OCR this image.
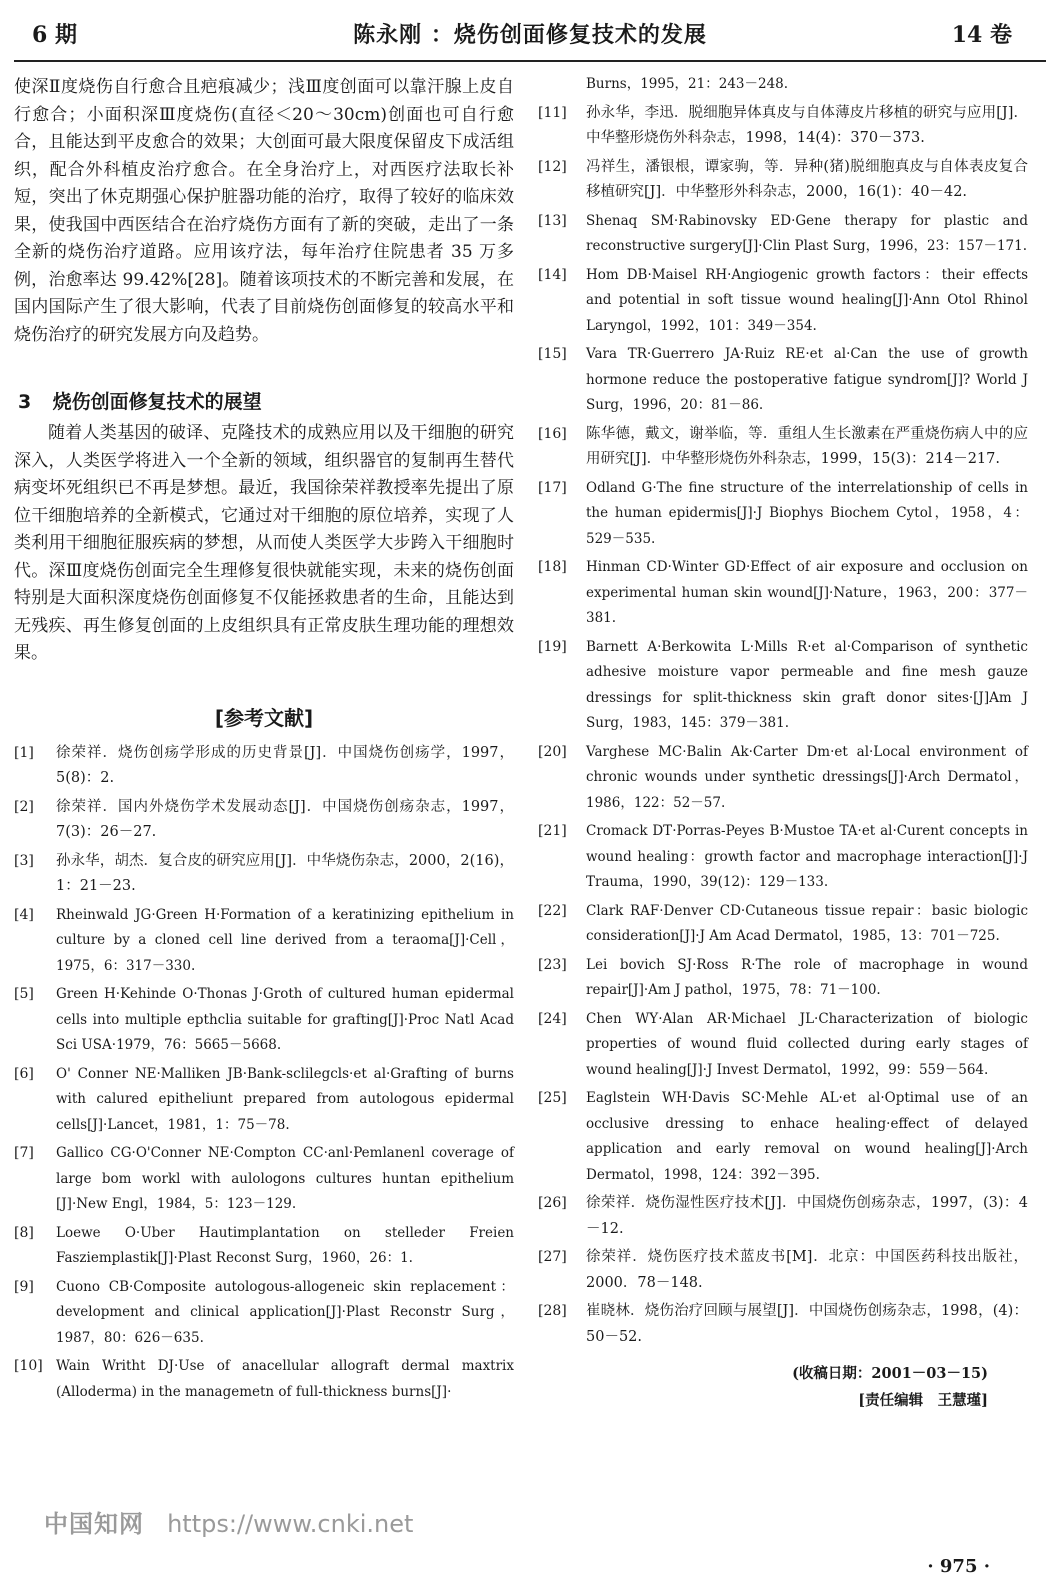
6 期	陈永刚 ：烧伤创面修复技术的发展	14 卷

使深Ⅱ度烧伤自行愈合且疤痕减少；浅Ⅲ度创面可以靠汗腺上皮自行愈合；小面积深Ⅲ度烧伤(直径＜20～30cm)创面也可自行愈合，且能达到平皮愈合的效果；大创面可最大限度保留皮下成活组织，配合外科植皮治疗愈合。在全身治疗上，对西医疗法取长补短，突出了休克期强心保护脏器功能的治疗，取得了较好的临床效果，使我国中西医结合在治疗烧伤方面有了新的突破，走出了一条全新的烧伤治疗道路。应用该疗法，每年治疗住院患者 35 万多例，治愈率达 99.42%[28]。随着该项技术的不断完善和发展，在国内国际产生了很大影响，代表了目前烧伤创面修复的较高水平和烧伤治疗的研究发展方向及趋势。

3 烧伤创面修复技术的展望

随着人类基因的破译、克隆技术的成熟应用以及干细胞的研究深入，人类医学将进入一个全新的领域，组织器官的复制再生替代病变坏死组织已不再是梦想。最近，我国徐荣祥教授率先提出了原位干细胞培养的全新模式，它通过对干细胞的原位培养，实现了人类利用干细胞征服疾病的梦想，从而使人类医学大步跨入干细胞时代。深Ⅲ度烧伤创面完全生理修复很快就能实现，未来的烧伤创面特别是大面积深度烧伤创面修复不仅能拯救患者的生命，且能达到无残疾、再生修复创面的上皮组织具有正常皮肤生理功能的理想效果。

[参考文献]
[1]	徐荣祥．烧伤创疡学形成的历史背景[J]．中国烧伤创疡学，1997，5(8)：2.
[2]	徐荣祥．国内外烧伤学术发展动态[J]．中国烧伤创疡杂志，1997，7(3)：26－27.
[3]	孙永华，胡杰．复合皮的研究应用[J]．中华烧伤杂志，2000，2(16)，1：21－23.
[4]	Rheinwald JG·Green H·Formation of a keratinizing epithelium in culture by a cloned cell line derived from a teraoma[J]·Cell，1975，6：317－330.
[5]	Green H·Kehinde O·Thonas J·Groth of cultured human epidermal cells into multiple epthclia suitable for grafting[J]·Proc Natl Acad Sci USA·1979，76：5665－5668.
[6]	O' Conner NE·Malliken JB·Bank-sclilegcls·et al·Grafting of burns with calured epitheliunt prepared from autologous epidermal cells[J]·Lancet，1981，1：75－78.
[7]	Gallico CG·O'Conner NE·Compton CC·anl·Pemlanenl coverage of large bom workl with aulologons cultures huntan epithelium [J]·New Engl，1984，5：123－129.
[8]	Loewe O·Uber Hautimplantation on stelleder Freien Fasziemplastik[J]·Plast Reconst Surg，1960，26：1.
[9]	Cuono CB·Composite autologous-allogeneic skin replacement：development and clinical application[J]·Plast Reconstr Surg，1987，80：626－635.
[10] Wain Writht DJ·Use of anacellular allograft dermal maxtrix (Alloderma) in the managemetn of full-thickness burns[J]·
Burns，1995，21：243－248.
[11]	孙永华，李迅．脱细胞异体真皮与自体薄皮片移植的研究与应用[J]．中华整形烧伤外科杂志，1998，14(4)：370－373.
[12]	冯祥生，潘银根，谭家驹，等．异种(猪)脱细胞真皮与自体表皮复合移植研究[J]．中华整形外科杂志，2000，16(1)：40－42.
[13]	Shenaq SM·Rabinovsky ED·Gene therapy for plastic and reconstructive surgery[J]·Clin Plast Surg，1996，23：157－171.
[14]	Hom DB·Maisel RH·Angiogenic growth factors：their effects and potential in soft tissue wound healing[J]·Ann Otol Rhinol Laryngol，1992，101：349－354.
[15]	Vara TR·Guerrero JA·Ruiz RE·et al·Can the use of growth hormone reduce the postoperative fatigue syndrom[J]? World J Surg，1996，20：81－86.
[16]	陈华德，戴文，谢举临，等．重组人生长激素在严重烧伤病人中的应用研究[J]．中华整形烧伤外科杂志，1999，15(3)：214－217.
[17]	Odland G·The fine structure of the interrelationship of cells in the human epidermis[J]·J Biophys Biochem Cytol，1958，4：529－535.
[18]	Hinman CD·Winter GD·Effect of air exposure and occlusion on experimental human skin wound[J]·Nature，1963，200：377－381.
[19]	Barnett A·Berkowita L·Mills R·et al·Comparison of synthetic adhesive moisture vapor permeable and fine mesh gauze dressings for split-thickness skin graft donor sites·[J]Am J Surg，1983，145：379－381.
[20]	Varghese MC·Balin Ak·Carter Dm·et al·Local environment of chronic wounds under synthetic dressings[J]·Arch Dermatol，1986，122：52－57.
[21]	Cromack DT·Porras-Peyes B·Mustoe TA·et al·Curent concepts in wound healing：growth factor and macrophage interaction[J]·J Trauma，1990，39(12)：129－133.
[22]	Clark RAF·Denver CD·Cutaneous tissue repair：basic biologic consideration[J]·J Am Acad Dermatol，1985，13：701－725.
[23]	Lei bovich SJ·Ross R·The role of macrophage in wound repair[J]·Am J pathol，1975，78：71－100.
[24]	Chen WY·Alan AR·Michael JL·Characterization of biologic properties of wound fluid collected during early stages of wound healing[J]·J Invest Dermatol，1992，99：559－564.
[25]	Eaglstein WH·Davis SC·Mehle AL·et al·Optimal use of an occlusive dressing to enhace healing·effect of delayed application and early removal on wound healing[J]·Arch Dermatol，1998，124：392－395.
[26]	徐荣祥．烧伤湿性医疗技术[J]．中国烧伤创疡杂志，1997，(3)：4－12.
[27]	徐荣祥．烧伤医疗技术蓝皮书[M]．北京：中国医药科技出版社，2000．78－148.
[28]	崔晓林．烧伤治疗回顾与展望[J]．中国烧伤创疡杂志，1998，(4)：50－52.
(收稿日期：2001－03－15)
[责任编辑　王慧瑾]
中国知网 https://www.cnki.net
· 975 ·
